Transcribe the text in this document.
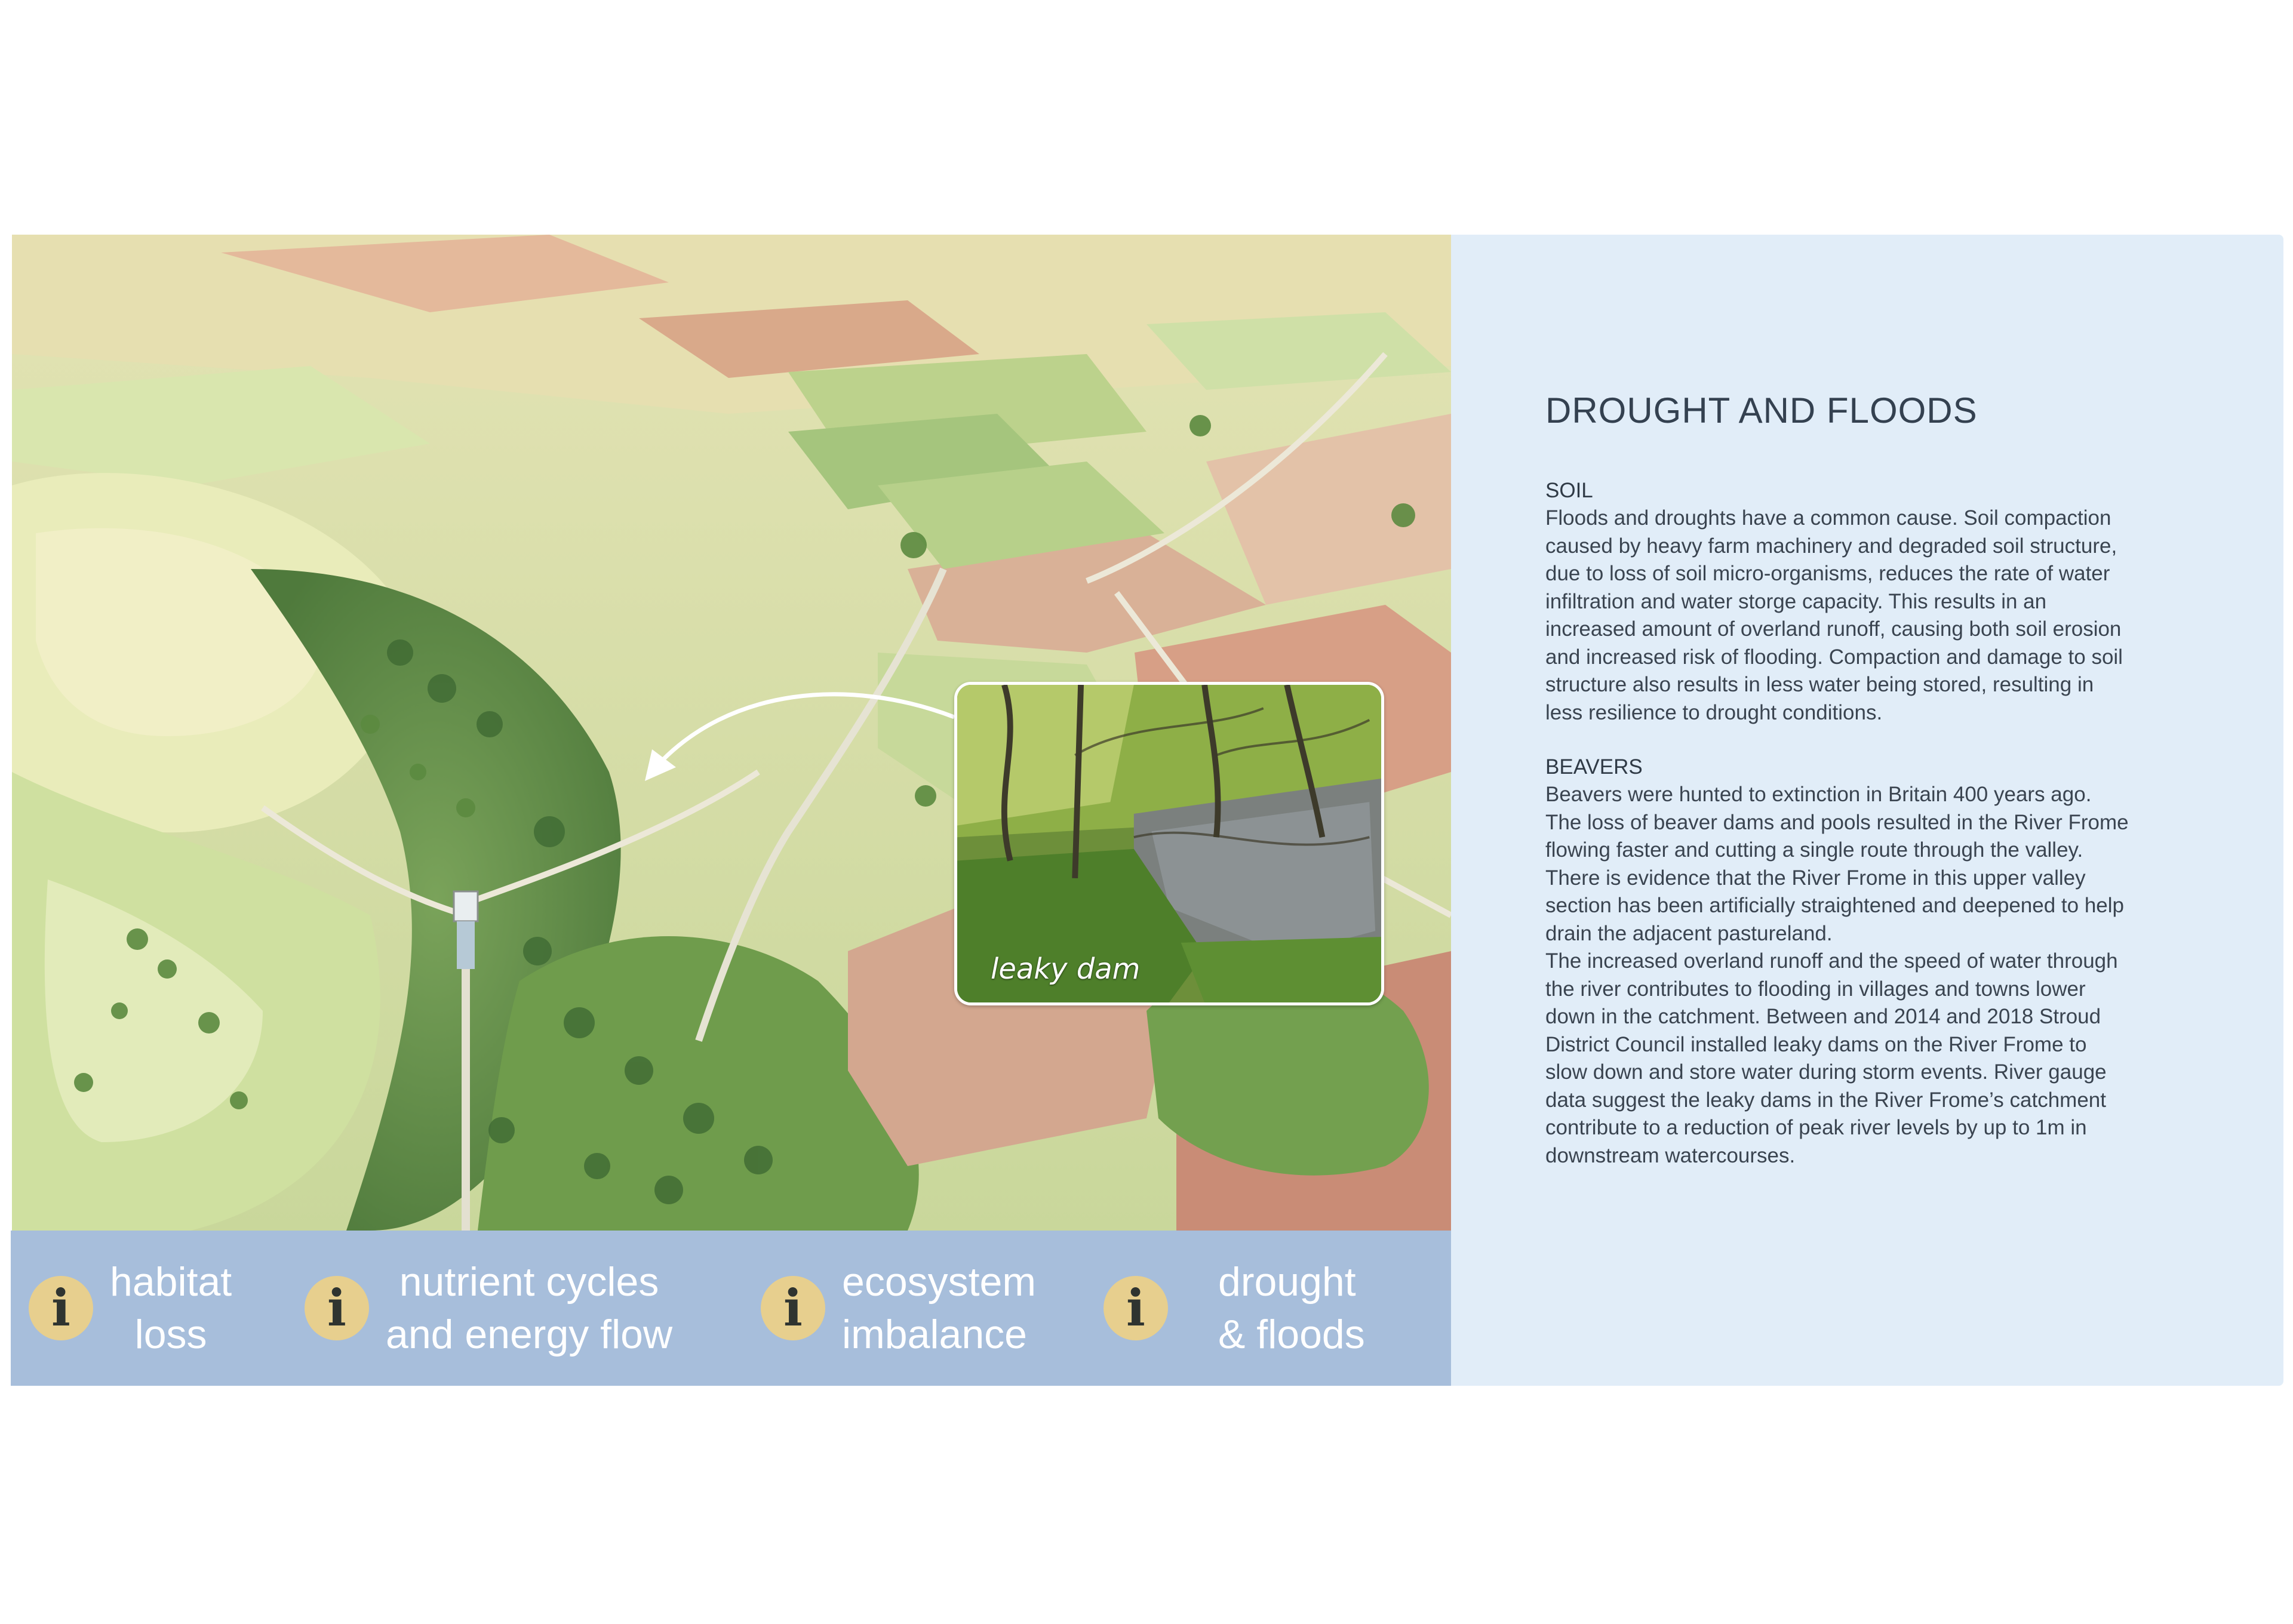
leaky dam
i habitat
loss	i	nutrient cycles
and energy flow i ecosystem
imbalance i drought
& floods
DROUGHT AND FLOODS
SOIL
Floods and droughts have a common cause. Soil compaction
caused by heavy farm machinery and degraded soil structure,
due to loss of soil micro-organisms, reduces the rate of water
infiltration and water storge capacity. This results in an
increased amount of overland runoff, causing both soil erosion
and increased risk of flooding. Compaction and damage to soil
structure also results in less water being stored, resulting in
less resilience to drought conditions.
BEAVERS
Beavers were hunted to extinction in Britain 400 years ago.
The loss of beaver dams and pools resulted in the River Frome
flowing faster and cutting a single route through the valley.
There is evidence that the River Frome in this upper valley
section has been artificially straightened and deepened to help
drain the adjacent pastureland.
The increased overland runoff and the speed of water through
the river contributes to flooding in villages and towns lower
down in the catchment. Between and 2014 and 2018 Stroud
District Council installed leaky dams on the River Frome to
slow down and store water during storm events. River gauge
data suggest the leaky dams in the River Frome’s catchment
contribute to a reduction of peak river levels by up to 1m in
downstream watercourses.
